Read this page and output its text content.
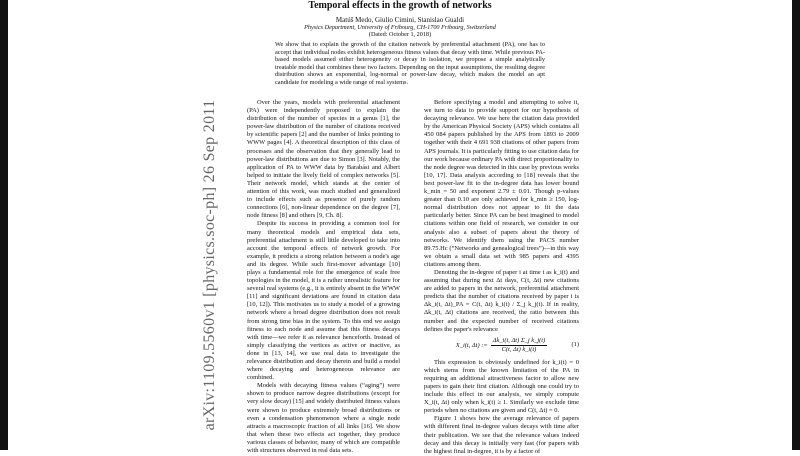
Temporal effects in the growth of networks
Matúš Medo, Giulio Cimini, Stanislao Gualdi
Physics Department, University of Fribourg, CH-1700 Fribourg, Switzerland
(Dated: October 1, 2018)
We show that to explain the growth of the citation network by preferential attachment (PA), one has to accept that individual nodes exhibit heterogeneous fitness values that decay with time. While previous PA-based models assumed either heterogeneity or decay in isolation, we propose a simple analytically treatable model that combines these two factors. Depending on the input assumptions, the resulting degree distribution shows an exponential, log-normal or power-law decay, which makes the model an apt candidate for modeling a wide range of real systems.
arXiv:1109.5560v1 [physics.soc-ph] 26 Sep 2011	Over the years, models with preferential attachment (PA) were independently proposed to explain the distribution of the number of species in a genus [1], the power-law distribution of the number of citations received by scientific papers [2] and the number of links pointing to WWW pages [4]. A theoretical description of this class of processes and the observation that they generally lead to power-law distributions are due to Simon [3]. Notably, the application of PA to WWW data by Barabási and Albert helped to initiate the lively field of complex networks [5]. Their network model, which stands at the center of attention of this work, was much studied and generalized to include effects such as presence of purely random connections [6], non-linear dependence on the degree [7], node fitness [8] and others [9, Ch. 8].

Despite its success in providing a common tool for many theoretical models and empirical data sets, preferential attachment is still little developed to take into account the temporal effects of network growth. For example, it predicts a strong relation between a node's age and its degree. While such first-mover advantage [10] plays a fundamental role for the emergence of scale free topologies in the model, it is a rather unrealistic feature for several real systems (e.g., it is entirely absent in the WWW [11] and significant deviations are found in citation data [10, 12]). This motivates us to study a model of a growing network where a broad degree distribution does not result from strong time bias in the system. To this end we assign fitness to each node and assume that this fitness decays with time—we refer it as relevance henceforth. Instead of simply classifying the vertices as active or inactive, as done in [13, 14], we use real data to investigate the relevance distribution and decay therein and build a model where decaying and heterogeneous relevance are combined.

Models with decaying fitness values (“aging”) were shown to produce narrow degree distributions (except for very slow decay) [15] and widely distributed fitness values were shown to produce extremely broad distributions or even a condensation phenomenon where a single node attracts a macroscopic fraction of all links [16]. We show that when these two effects act together, they produce various classes of behavior, many of which are compatible with structures observed in real data sets.

Before specifying a model and attempting to solve it, we turn to data to provide support for our hypothesis of decaying relevance. We use here the citation data provided by the American Physical Society (APS) which contains all 450 084 papers published by the APS from 1893 to 2009 together with their 4 691 938 citations of other papers from APS journals. It is particularly fitting to use citation data for our work because ordinary PA with direct proportionality to the node degree was detected in this case by previous works [10, 17]. Data analysis according to [18] reveals that the best power-law fit to the in-degree data has lower bound k_min = 50 and exponent 2.79 ± 0.01. Though p-values greater than 0.10 are only achieved for k_min ≥ 150, log-normal distribution does not appear to fit the data particularly better. Since PA can be best imagined to model citations within one field of research, we consider in our analysis also a subset of papers about the theory of networks. We identify them using the PACS number 89.75.Hc (“Networks and genealogical trees”)—in this way we obtain a small data set with 985 papers and 4395 citations among them.

Denoting the in-degree of paper i at time t as k_i(t) and assuming that during next Δt days, C(t, Δt) new citations are added to papers in the network, preferential attachment predicts that the number of citations received by paper i is Δk_i(t, Δt)_PA = C(t, Δt) k_i(t) / Σ_j k_j(t). If in reality, Δk_i(t, Δt) citations are received, the ratio between this number and the expected number of received citations defines the paper's relevance

X_i(t, Δt) := $\frac{\text{Δk\_i(t, Δt) Σ\_j k\_j(t)}}{C(t, \Delta t) k\_i(t)}$	(1)

This expression is obviously undefined for k_i(t) = 0 which stems from the known limitation of the PA in requiring an additional attractiveness factor to allow new papers to gain their first citation. Although one could try to include this effect in our analysis, we simply compute X_i(t, Δt) only when k_i(t) ≥ 1. Similarly we exclude time periods when no citations are given and C(t, Δt) = 0.

Figure 1 shows how the average relevance of papers with different final in-degree values decays with time after their publication. We see that the relevance values indeed decay and this decay is initially very fast (for papers with the highest final in-degree, it is by a factor of
